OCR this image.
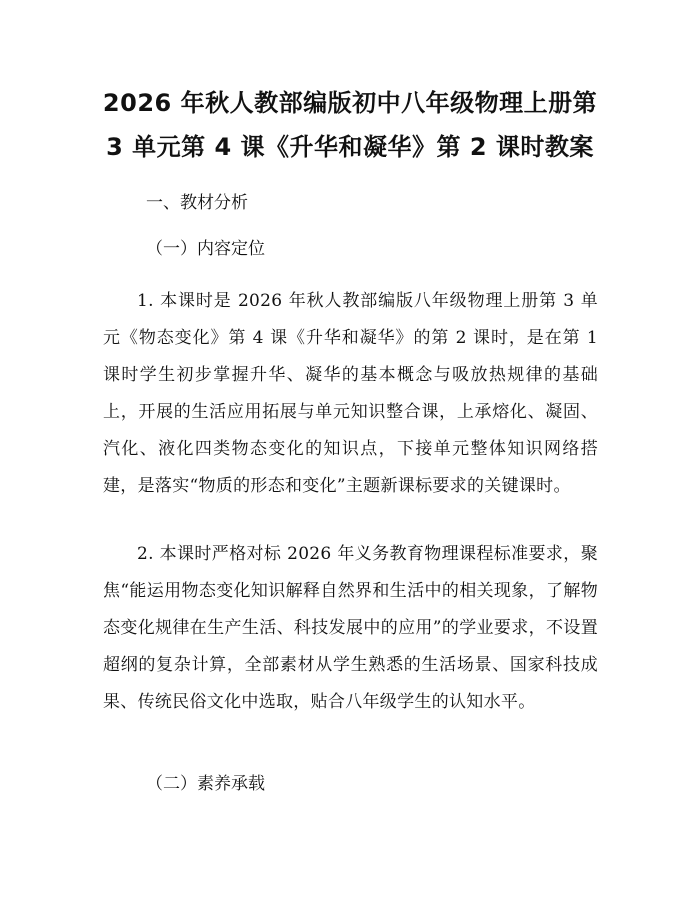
2026 年秋人教部编版初中八年级物理上册第
3 单元第 4 课《升华和凝华》第 2 课时教案
一、教材分析
（一）内容定位

1. 本课时是 2026 年秋人教部编版八年级物理上册第 3 单元《物态变化》第 4 课《升华和凝华》的第 2 课时，是在第 1 课时学生初步掌握升华、凝华的基本概念与吸放热规律的基础上，开展的生活应用拓展与单元知识整合课，上承熔化、凝固、汽化、液化四类物态变化的知识点，下接单元整体知识网络搭建，是落实“物质的形态和变化”主题新课标要求的关键课时。

2. 本课时严格对标 2026 年义务教育物理课程标准要求，聚焦“能运用物态变化知识解释自然界和生活中的相关现象，了解物态变化规律在生产生活、科技发展中的应用”的学业要求，不设置超纲的复杂计算，全部素材从学生熟悉的生活场景、国家科技成果、传统民俗文化中选取，贴合八年级学生的认知水平。

（二）素养承载
